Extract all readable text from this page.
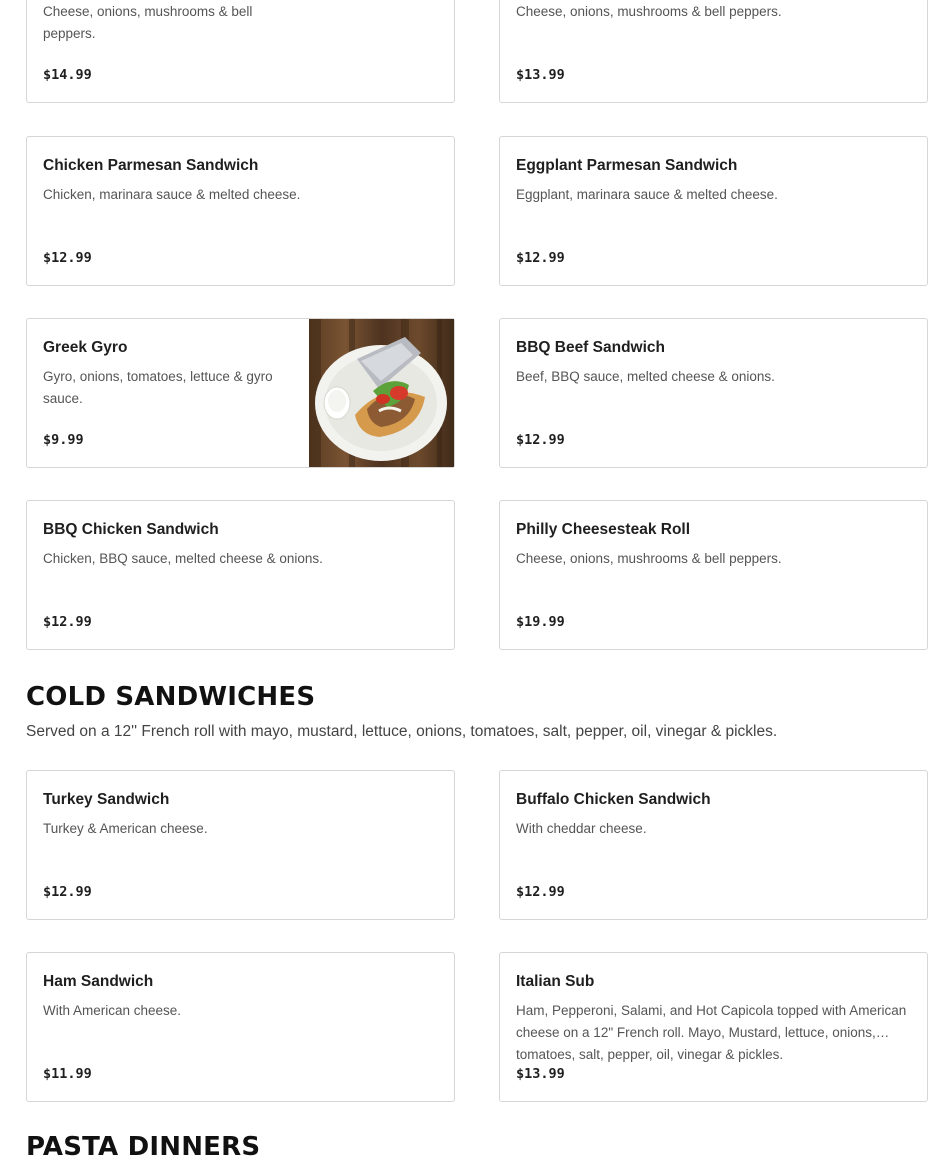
Cheese, onions, mushrooms & bell peppers.
$14.99
Cheese, onions, mushrooms & bell peppers.
$13.99
Chicken Parmesan Sandwich
Chicken, marinara sauce & melted cheese.
$12.99
Eggplant Parmesan Sandwich
Eggplant, marinara sauce & melted cheese.
$12.99
Greek Gyro
Gyro, onions, tomatoes, lettuce & gyro sauce.
$9.99
BBQ Beef Sandwich
Beef, BBQ sauce, melted cheese & onions.
$12.99
BBQ Chicken Sandwich
Chicken, BBQ sauce, melted cheese & onions.
$12.99
Philly Cheesesteak Roll
Cheese, onions, mushrooms & bell peppers.
$19.99
COLD SANDWICHES

Served on a 12'' French roll with mayo, mustard, lettuce, onions, tomatoes, salt, pepper, oil, vinegar & pickles.

Turkey Sandwich
Turkey & American cheese.
$12.99
Buffalo Chicken Sandwich
With cheddar cheese.
$12.99
Ham Sandwich
With American cheese.
$11.99
Italian Sub
Ham, Pepperoni, Salami, and Hot Capicola topped with American cheese on a 12" French roll. Mayo, Mustard, lettuce, onions, tomatoes, salt, pepper, oil, vinegar & pickles.
$13.99
PASTA DINNERS
